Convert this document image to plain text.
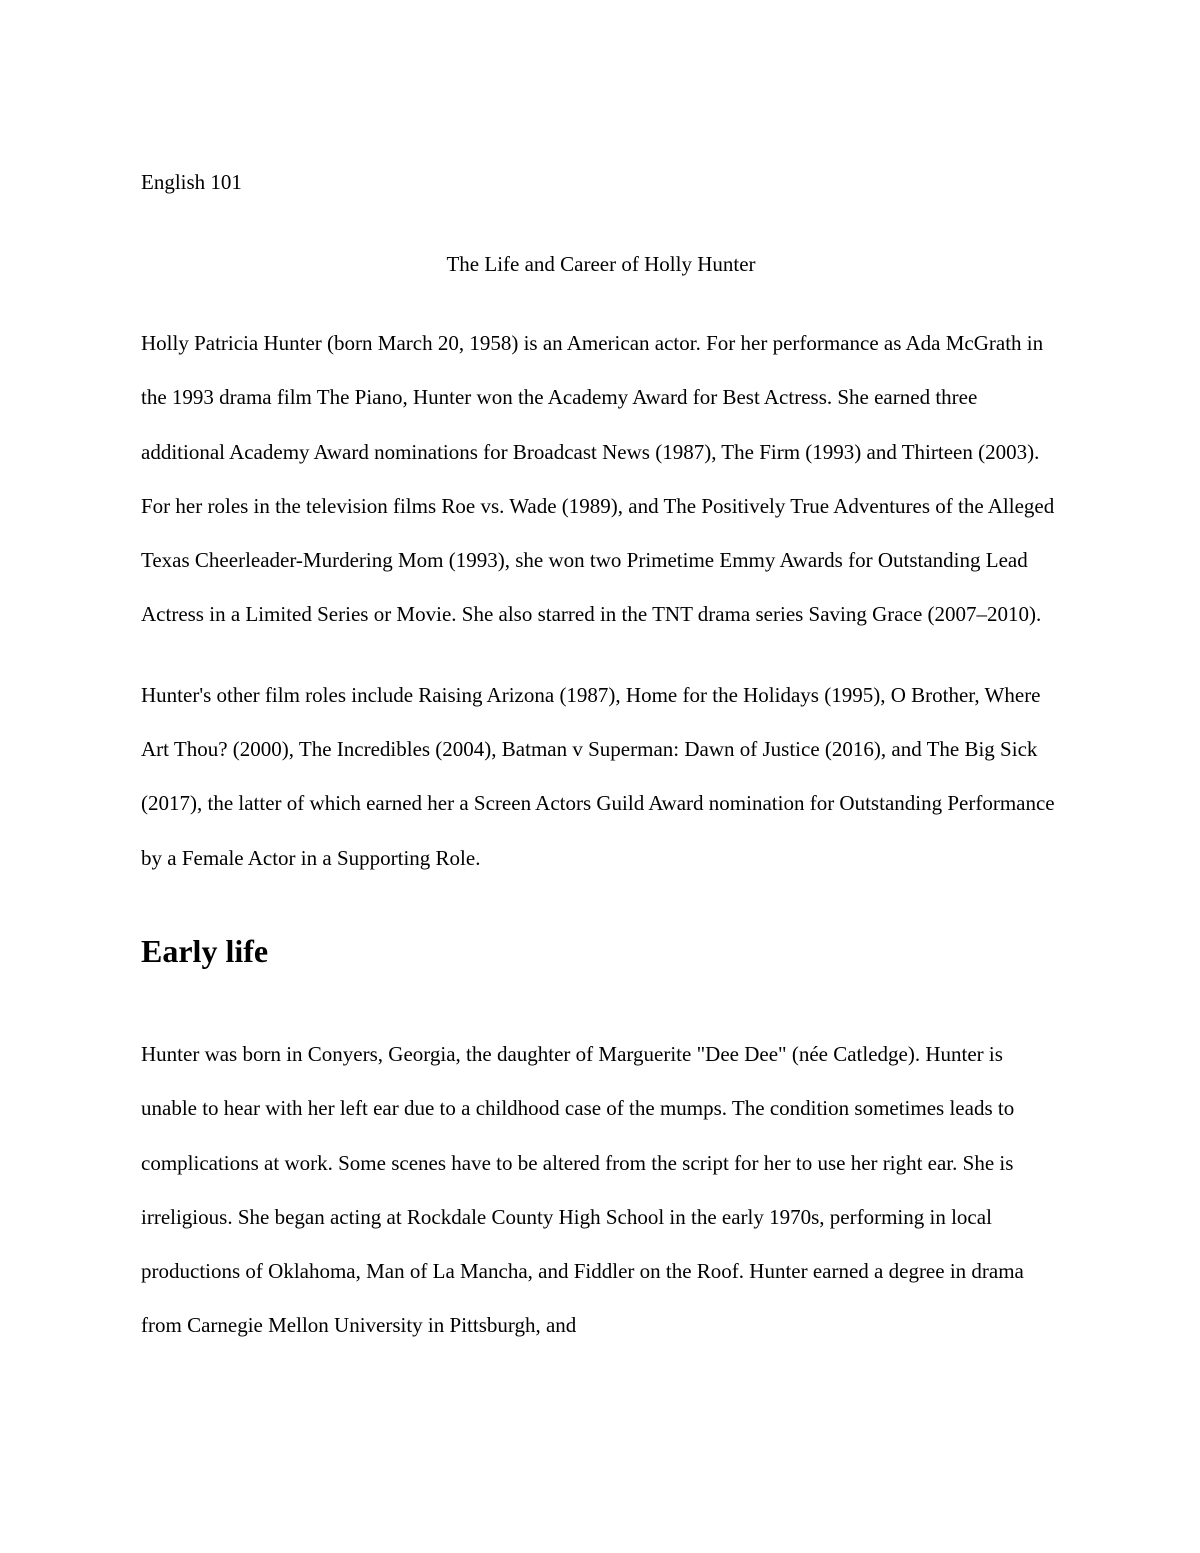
English 101

The Life and Career of Holly Hunter

Holly Patricia Hunter (born March 20, 1958) is an American actor. For her performance as Ada McGrath in the 1993 drama film The Piano, Hunter won the Academy Award for Best Actress. She earned three additional Academy Award nominations for Broadcast News (1987), The Firm (1993) and Thirteen (2003). For her roles in the television films Roe vs. Wade (1989), and The Positively True Adventures of the Alleged Texas Cheerleader-Murdering Mom (1993), she won two Primetime Emmy Awards for Outstanding Lead Actress in a Limited Series or Movie. She also starred in the TNT drama series Saving Grace (2007–2010).

Hunter's other film roles include Raising Arizona (1987), Home for the Holidays (1995), O Brother, Where Art Thou? (2000), The Incredibles (2004), Batman v Superman: Dawn of Justice (2016), and The Big Sick (2017), the latter of which earned her a Screen Actors Guild Award nomination for Outstanding Performance by a Female Actor in a Supporting Role.

Early life

Hunter was born in Conyers, Georgia, the daughter of Marguerite "Dee Dee" (née Catledge). Hunter is unable to hear with her left ear due to a childhood case of the mumps. The condition sometimes leads to complications at work. Some scenes have to be altered from the script for her to use her right ear. She is irreligious. She began acting at Rockdale County High School in the early 1970s, performing in local productions of Oklahoma, Man of La Mancha, and Fiddler on the Roof. Hunter earned a degree in drama from Carnegie Mellon University in Pittsburgh, and
